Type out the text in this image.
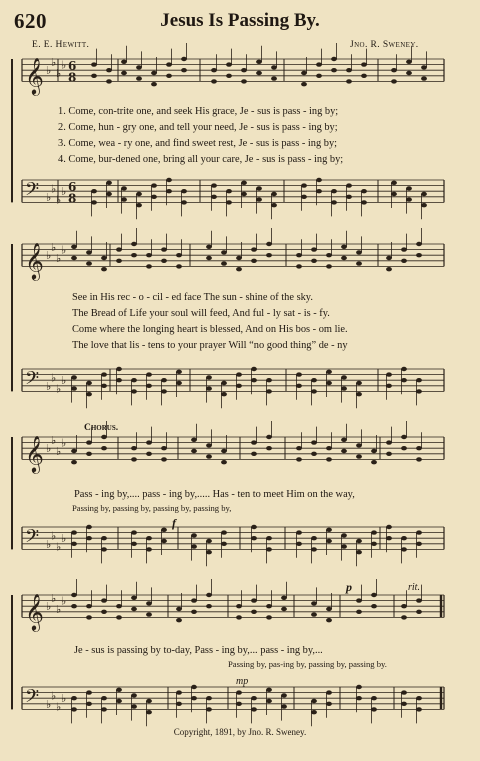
620	Jesus Is Passing By.
E. E. Hewitt.	Jno. R. Sweney.
𝄞 ♭
♭
♭
♭ 6
8
𝄢 ♭
♭
♭
♭ 6
8
𝄞 ♭
♭
♭
♭
𝄢 ♭
♭
♭
♭
𝄞 ♭
♭
♭
♭
𝄢 ♭
♭
♭
♭
𝄞 ♭
♭
♭
♭
𝄢 ♭
♭
♭
♭
1. Come, con-trite one, and seek His grace, Je - sus is pass - ing by;
2. Come, hun - gry one, and tell your need, Je - sus is pass - ing by;
3. Come, wea - ry one, and find sweet rest, Je - sus is pass - ing by;
4. Come, bur-dened one, bring all your care, Je - sus is pass - ing by;
See in His rec - o - cil - ed face The sun - shine of the sky.
The Bread of Life your soul will feed, And ful - ly sat - is - fy.
Come where the longing heart is blessed, And on His bos - om lie.
The love that lis - tens to your prayer Will “no good thing” de - ny
Chorus.
Pass - ing by,.... pass - ing by,..... Has - ten to meet Him on the way,
Passing by, passing by, passing by, passing by,
f
p	rit.
Je - sus is passing by to-day, Pass - ing by,... pass - ing by,...
Passing by, pas-ing by, passing by, passing by.
mp
Copyright, 1891, by Jno. R. Sweney.
